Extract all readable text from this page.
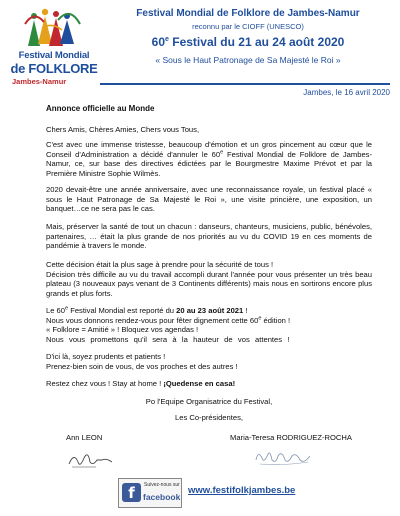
Festival Mondial
de FOLKLORE
Jambes-Namur
Festival Mondial de Folklore de Jambes-Namur
reconnu par le CIOFF (UNESCO)
60e Festival du 21 au 24 août 2020
« Sous le Haut Patronage de Sa Majesté le Roi »
Jambes, le 16 avril 2020
Annonce officielle au Monde
Chers Amis, Chères Amies, Chers vous Tous,
C'est avec une immense tristesse, beaucoup d'émotion et un gros pincement au cœur que le Conseil d'Administration a décidé d'annuler le 60e Festival Mondial de Folklore de Jambes-Namur, ce, sur base des directives édictées par le Bourgmestre Maxime Prévot et par la Première Ministre Sophie Wilmès.
2020 devait-être une année anniversaire, avec une reconnaissance royale, un festival placé « sous le Haut Patronage de Sa Majesté le Roi », une visite princière, une exposition, un banquet…ce ne sera pas le cas.
Mais, préserver la santé de tout un chacun : danseurs, chanteurs, musiciens, public, bénévoles, partenaires, … était la plus grande de nos priorités au vu du COVID 19 en ces moments de pandémie à travers le monde.
Cette décision était la plus sage à prendre pour la sécurité de tous !
Décision très difficile au vu du travail accompli durant l'année pour vous présenter un très beau plateau (3 nouveaux pays venant de 3 Continents différents) mais nous en sortirons encore plus grands et plus forts.
Le 60e Festival Mondial est reporté du 20 au 23 août 2021 !
Nous vous donnons rendez-vous pour fêter dignement cette 60e édition !
« Folklore = Amitié » ! Bloquez vos agendas !
Nous vous promettons qu'il sera à la hauteur de vos attentes !
D'ici là, soyez prudents et patients !
Prenez-bien soin de vous, de vos proches et des autres !
Restez chez vous ! Stay at home ! ¡Quedense en casa!
Po l'Equipe Organisatrice du Festival,
Les Co-présidentes,
Ann LEON	Maria-Teresa RODRIGUEZ-ROCHA
f	Suivez-nous sur
facebook
www.festifolkjambes.be
